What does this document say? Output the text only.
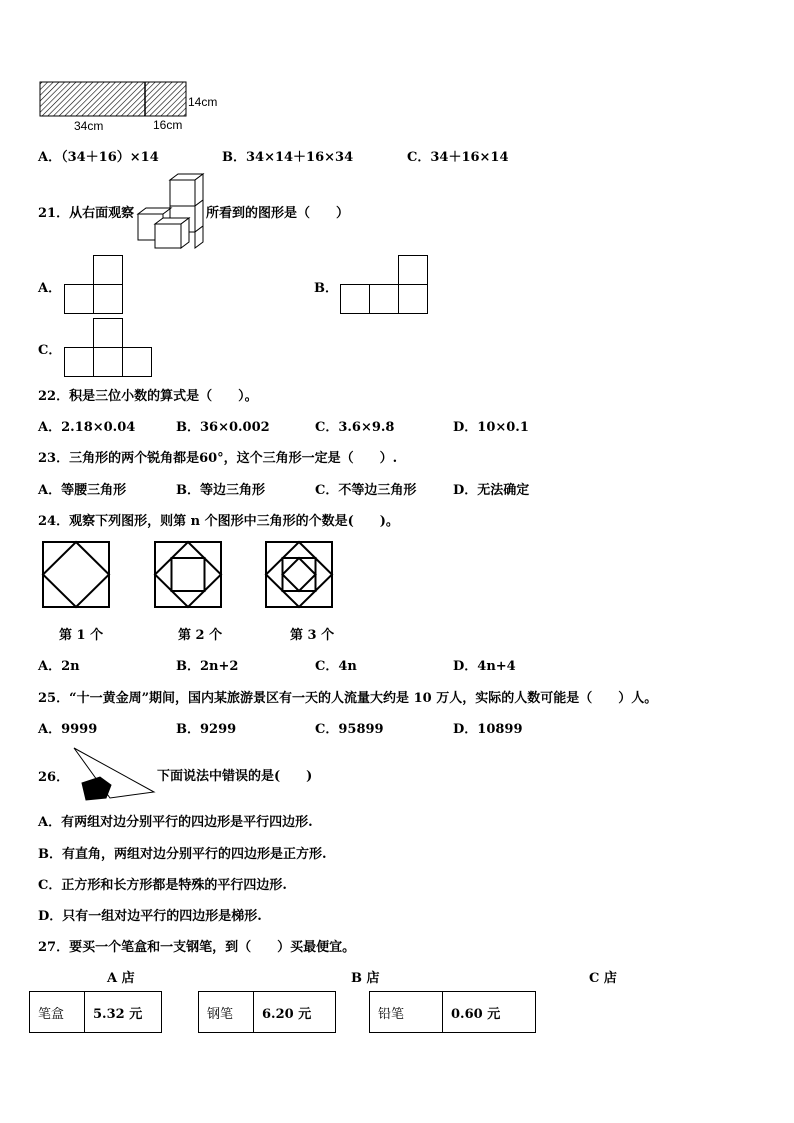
14cm
34cm	16cm
A．（34＋16）×14	B．34×14＋16×34	C．34＋16×14
21．从右面观察	所看到的图形是（　　）
A．	B．
C．
22．积是三位小数的算式是（　　）。
A．2.18×0.04	B．36×0.002	C．3.6×9.8	D．10×0.1
23．三角形的两个锐角都是60°，这个三角形一定是（　　）.
A．等腰三角形	B．等边三角形	C．不等边三角形	D．无法确定
24．观察下列图形，则第 n 个图形中三角形的个数是(　　)。
第 1 个	第 2 个	第 3 个
A．2n	B．2n+2	C．4n	D．4n+4
25．“十一黄金周”期间，国内某旅游景区有一天的人流量大约是 10 万人，实际的人数可能是（　　）人。
A．9999	B．9299	C．95899	D．10899
26．	下面说法中错误的是(　　)
A．有两组对边分别平行的四边形是平行四边形.
B．有直角，两组对边分别平行的四边形是正方形.
C．正方形和长方形都是特殊的平行四边形.
D．只有一组对边平行的四边形是梯形.
27．要买一个笔盒和一支钢笔，到（　　）买最便宜。
A 店	B 店	C 店
笔盒	5.32 元	钢笔	6.20 元	铅笔	0.60 元
